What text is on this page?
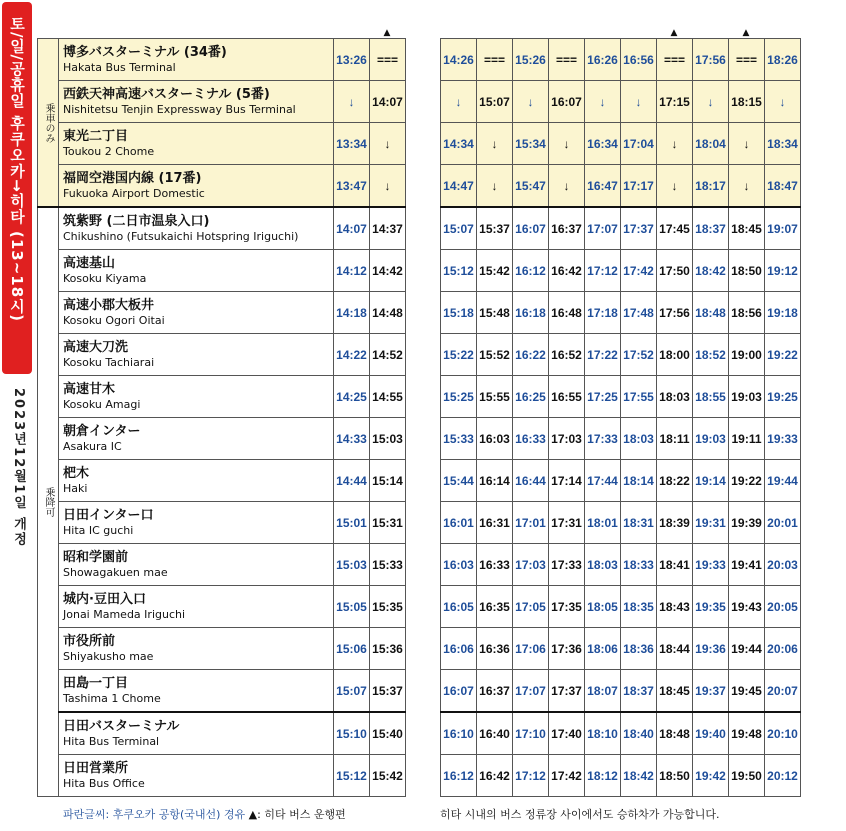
토/일/공휴일 후쿠오카→히타 (13~18시)
2023년12월1일 개정
乗車のみ	博多バスターミナル (34番)
Hakata Bus Terminal	13:26	===

	西鉄天神高速バスターミナル (5番)
Nishitetsu Tenjin Expressway Bus Terminal	↓	14:07

	東光二丁目
Toukou 2 Chome	13:34	↓

	福岡空港国内線 (17番)
Fukuoka Airport Domestic	13:47	↓
乗降可	筑紫野 (二日市温泉入口)
Chikushino (Futsukaichi Hotspring Iriguchi)	14:07	14:37

	高速基山
Kosoku Kiyama	14:12	14:42

	高速小郡大板井
Kosoku Ogori Oitai	14:18	14:48

	高速大刀洗
Kosoku Tachiarai	14:22	14:52

	高速甘木
Kosoku Amagi	14:25	14:55

	朝倉インター
Asakura IC	14:33	15:03

	杷木
Haki	14:44	15:14

	日田インター口
Hita IC guchi	15:01	15:31

	昭和学園前
Showagakuen mae	15:03	15:33

	城内·豆田入口
Jonai Mameda Iriguchi	15:05	15:35

	市役所前
Shiyakusho mae	15:06	15:36

	田島一丁目
Tashima 1 Chome	15:07	15:37

	日田バスターミナル
Hita Bus Terminal	15:10	15:40

	日田営業所
Hita Bus Office	15:12	15:42
14:26	===	15:26	===	16:26	16:56	===	17:56	===	18:26
↓	15:07	↓	16:07	↓	↓	17:15	↓	18:15	↓
14:34	↓	15:34	↓	16:34	17:04	↓	18:04	↓	18:34
14:47	↓	15:47	↓	16:47	17:17	↓	18:17	↓	18:47
15:07	15:37	16:07	16:37	17:07	17:37	17:45	18:37	18:45	19:07
15:12	15:42	16:12	16:42	17:12	17:42	17:50	18:42	18:50	19:12
15:18	15:48	16:18	16:48	17:18	17:48	17:56	18:48	18:56	19:18
15:22	15:52	16:22	16:52	17:22	17:52	18:00	18:52	19:00	19:22
15:25	15:55	16:25	16:55	17:25	17:55	18:03	18:55	19:03	19:25
15:33	16:03	16:33	17:03	17:33	18:03	18:11	19:03	19:11	19:33
15:44	16:14	16:44	17:14	17:44	18:14	18:22	19:14	19:22	19:44
16:01	16:31	17:01	17:31	18:01	18:31	18:39	19:31	19:39	20:01
16:03	16:33	17:03	17:33	18:03	18:33	18:41	19:33	19:41	20:03
16:05	16:35	17:05	17:35	18:05	18:35	18:43	19:35	19:43	20:05
16:06	16:36	17:06	17:36	18:06	18:36	18:44	19:36	19:44	20:06
16:07	16:37	17:07	17:37	18:07	18:37	18:45	19:37	19:45	20:07
16:10	16:40	17:10	17:40	18:10	18:40	18:48	19:40	19:48	20:10
16:12	16:42	17:12	17:42	18:12	18:42	18:50	19:42	19:50	20:12
파란글씨: 후쿠오카 공항(국내선) 경유 ▲: 히타 버스 운행편	히타 시내의 버스 정류장 사이에서도 승하차가 가능합니다.
▲	▲	▲
